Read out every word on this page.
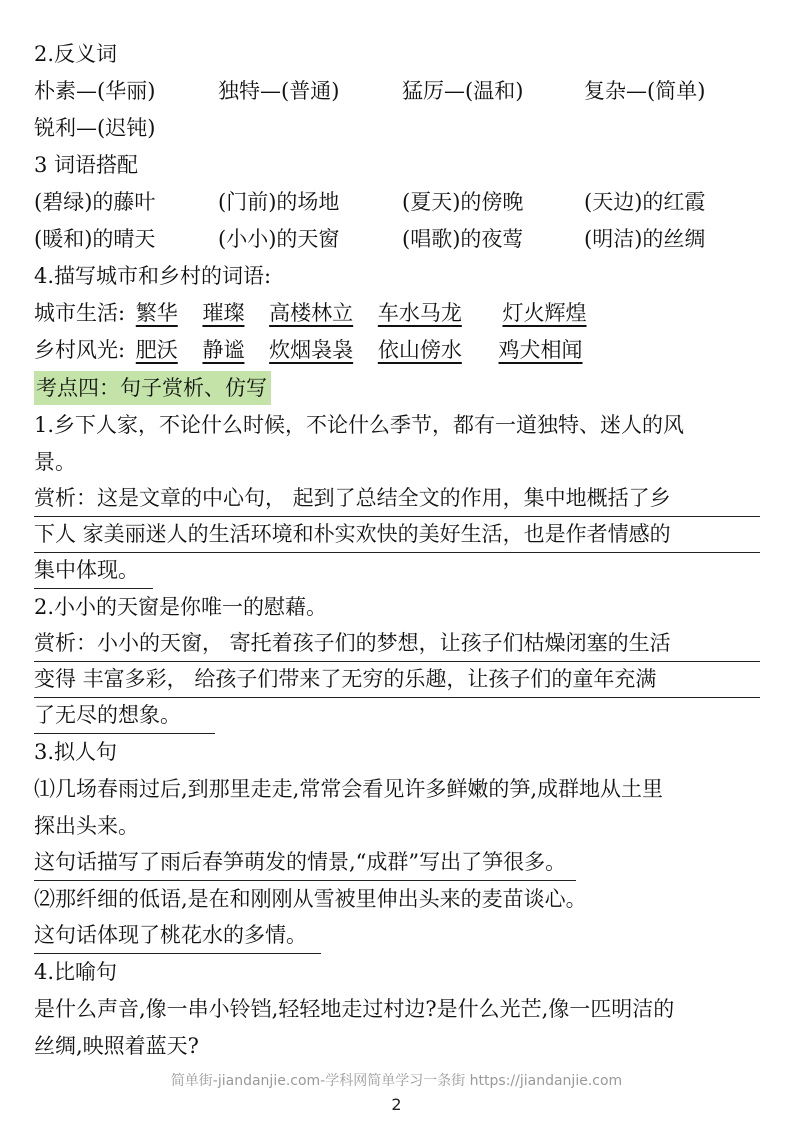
2.反义词
朴素—(华丽)	独特—(普通)	猛厉—(温和)	复杂—(简单)
锐利—(迟钝)
3 词语搭配
(碧绿)的藤叶	(门前)的场地	(夏天)的傍晚	(天边)的红霞
(暖和)的晴天	(小小)的天窗	(唱歌)的夜莺	(明洁)的丝绸
4.描写城市和乡村的词语:
城市生活: 繁华 璀璨 高楼林立 车水马龙 灯火辉煌
乡村风光: 肥沃 静谧 炊烟袅袅 依山傍水 鸡犬相闻
考点四：句子赏析、仿写
1.乡下人家，不论什么时候，不论什么季节，都有一道独特、迷人的风
景。
赏析：这是文章的中心句， 起到了总结全文的作用，集中地概括了乡
下人 家美丽迷人的生活环境和朴实欢快的美好生活，也是作者情感的
集中体现。
2.小小的天窗是你唯一的慰藉。
赏析：小小的天窗， 寄托着孩子们的梦想，让孩子们枯燥闭塞的生活
变得 丰富多彩， 给孩子们带来了无穷的乐趣，让孩子们的童年充满
了无尽的想象。
3.拟人句
⑴几场春雨过后,到那里走走,常常会看见许多鲜嫩的笋,成群地从土里
探出头来。
这句话描写了雨后春笋萌发的情景,“成群”写出了笋很多。
⑵那纤细的低语,是在和刚刚从雪被里伸出头来的麦苗谈心。
这句话体现了桃花水的多情。
4.比喻句
是什么声音,像一串小铃铛,轻轻地走过村边?是什么光芒,像一匹明洁的
丝绸,映照着蓝天?
简单街-jiandanjie.com-学科网简单学习一条街 https://jiandanjie.com
2
